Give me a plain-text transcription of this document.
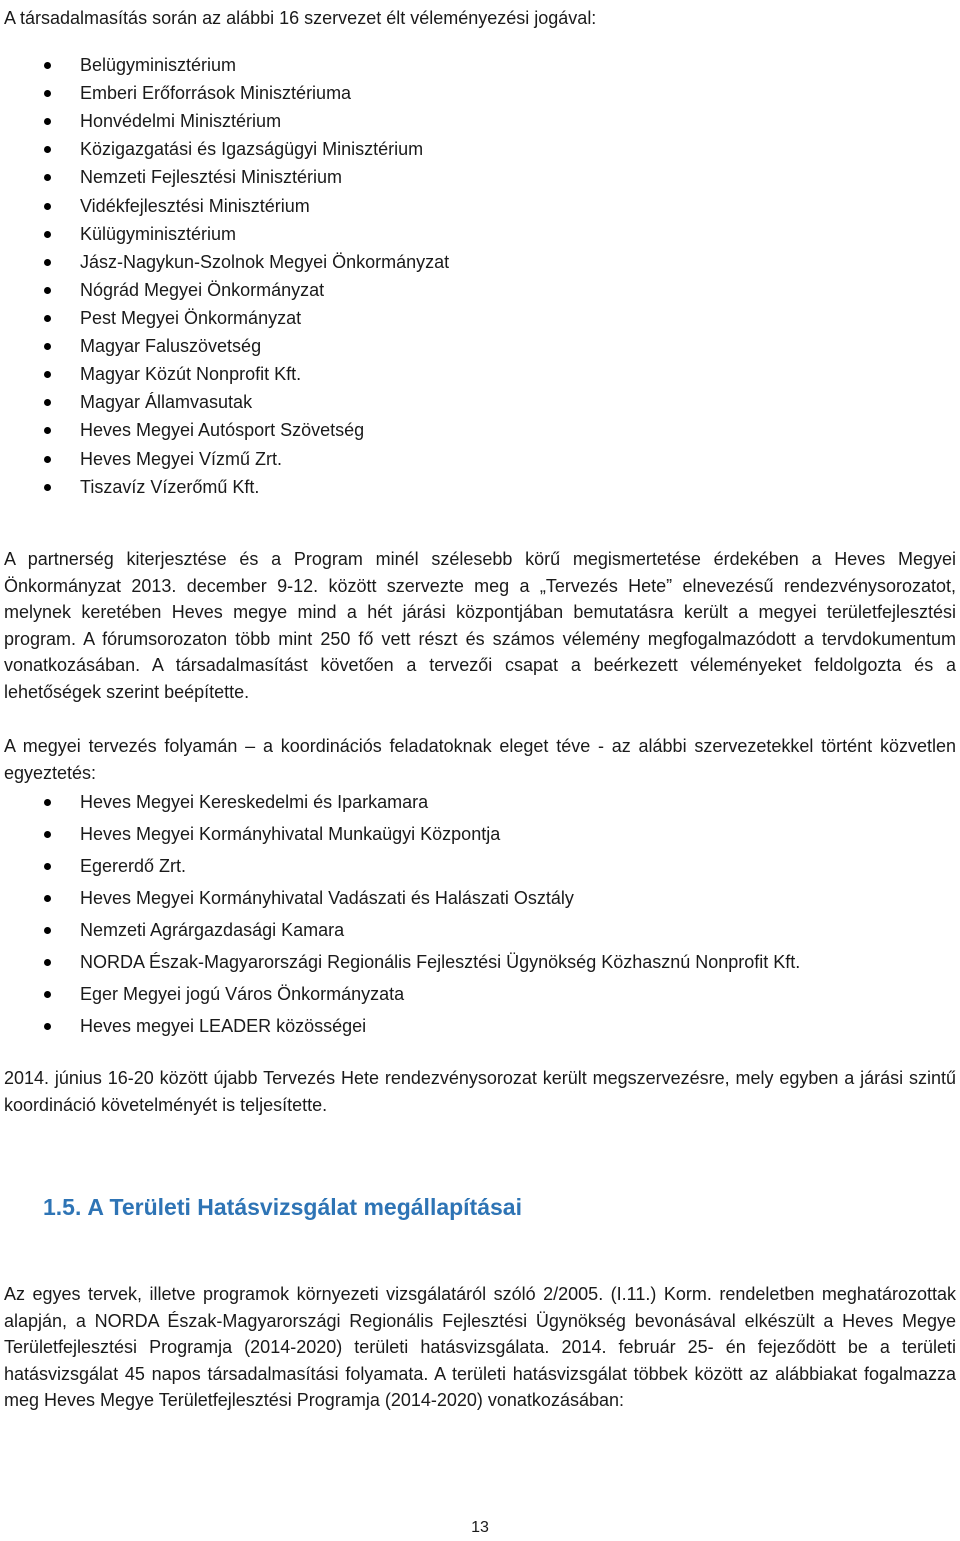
A társadalmasítás során az alábbi 16 szervezet élt véleményezési jogával:

Belügyminisztérium
Emberi Erőforrások Minisztériuma
Honvédelmi Minisztérium
Közigazgatási és Igazságügyi Minisztérium
Nemzeti Fejlesztési Minisztérium
Vidékfejlesztési Minisztérium
Külügyminisztérium
Jász-Nagykun-Szolnok Megyei Önkormányzat
Nógrád Megyei Önkormányzat
Pest Megyei Önkormányzat
Magyar Faluszövetség
Magyar Közút Nonprofit Kft.
Magyar Államvasutak
Heves Megyei Autósport Szövetség
Heves Megyei Vízmű Zrt.
Tiszavíz Vízerőmű Kft.

A partnerség kiterjesztése és a Program minél szélesebb körű megismertetése érdekében a Heves Megyei Önkormányzat 2013. december 9-12. között szervezte meg a „Tervezés Hete” elnevezésű rendezvénysorozatot, melynek keretében Heves megye mind a hét járási központjában bemutatásra került a megyei területfejlesztési program. A fórumsorozaton több mint 250 fő vett részt és számos vélemény megfogalmazódott a tervdokumentum vonatkozásában. A társadalmasítást követően a tervezői csapat a beérkezett véleményeket feldolgozta és a lehetőségek szerint beépítette.

A megyei tervezés folyamán – a koordinációs feladatoknak eleget téve - az alábbi szervezetekkel történt közvetlen egyeztetés:

Heves Megyei Kereskedelmi és Iparkamara
Heves Megyei Kormányhivatal Munkaügyi Központja
Egererdő Zrt.
Heves Megyei Kormányhivatal Vadászati és Halászati Osztály
Nemzeti Agrárgazdasági Kamara
NORDA Észak-Magyarországi Regionális Fejlesztési Ügynökség Közhasznú Nonprofit Kft.
Eger Megyei jogú Város Önkormányzata
Heves megyei LEADER közösségei

2014. június 16-20 között újabb Tervezés Hete rendezvénysorozat került megszervezésre, mely egyben a járási szintű koordináció követelményét is teljesítette.

1.5. A Területi Hatásvizsgálat megállapításai

Az egyes tervek, illetve programok környezeti vizsgálatáról szóló 2/2005. (I.11.) Korm. rendeletben meghatározottak alapján, a NORDA Észak-Magyarországi Regionális Fejlesztési Ügynökség bevonásával elkészült a Heves Megye Területfejlesztési Programja (2014-2020) területi hatásvizsgálata. 2014. február 25- én fejeződött be a területi hatásvizsgálat 45 napos társadalmasítási folyamata. A területi hatásvizsgálat többek között az alábbiakat fogalmazza meg Heves Megye Területfejlesztési Programja (2014-2020) vonatkozásában:

13
